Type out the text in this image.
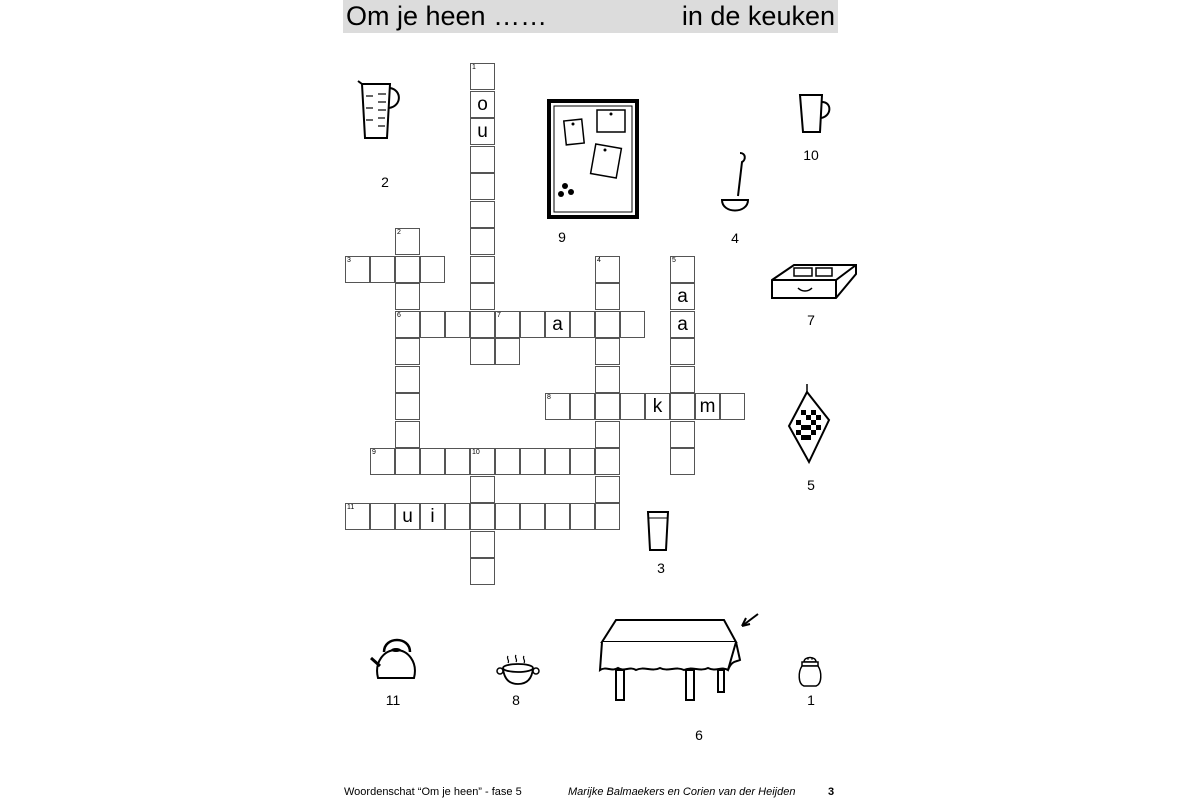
Om je heen ……	in de keuken
1
o
u
2
6
3	4	5
a
a
7	a
8	k	m
9	10
11	u i
2
9	4
10
7
5
3
11	8
6
1
Woordenschat “Om je heen” - fase 5	Marijke Balmaekers en Corien van der Heijden	3
